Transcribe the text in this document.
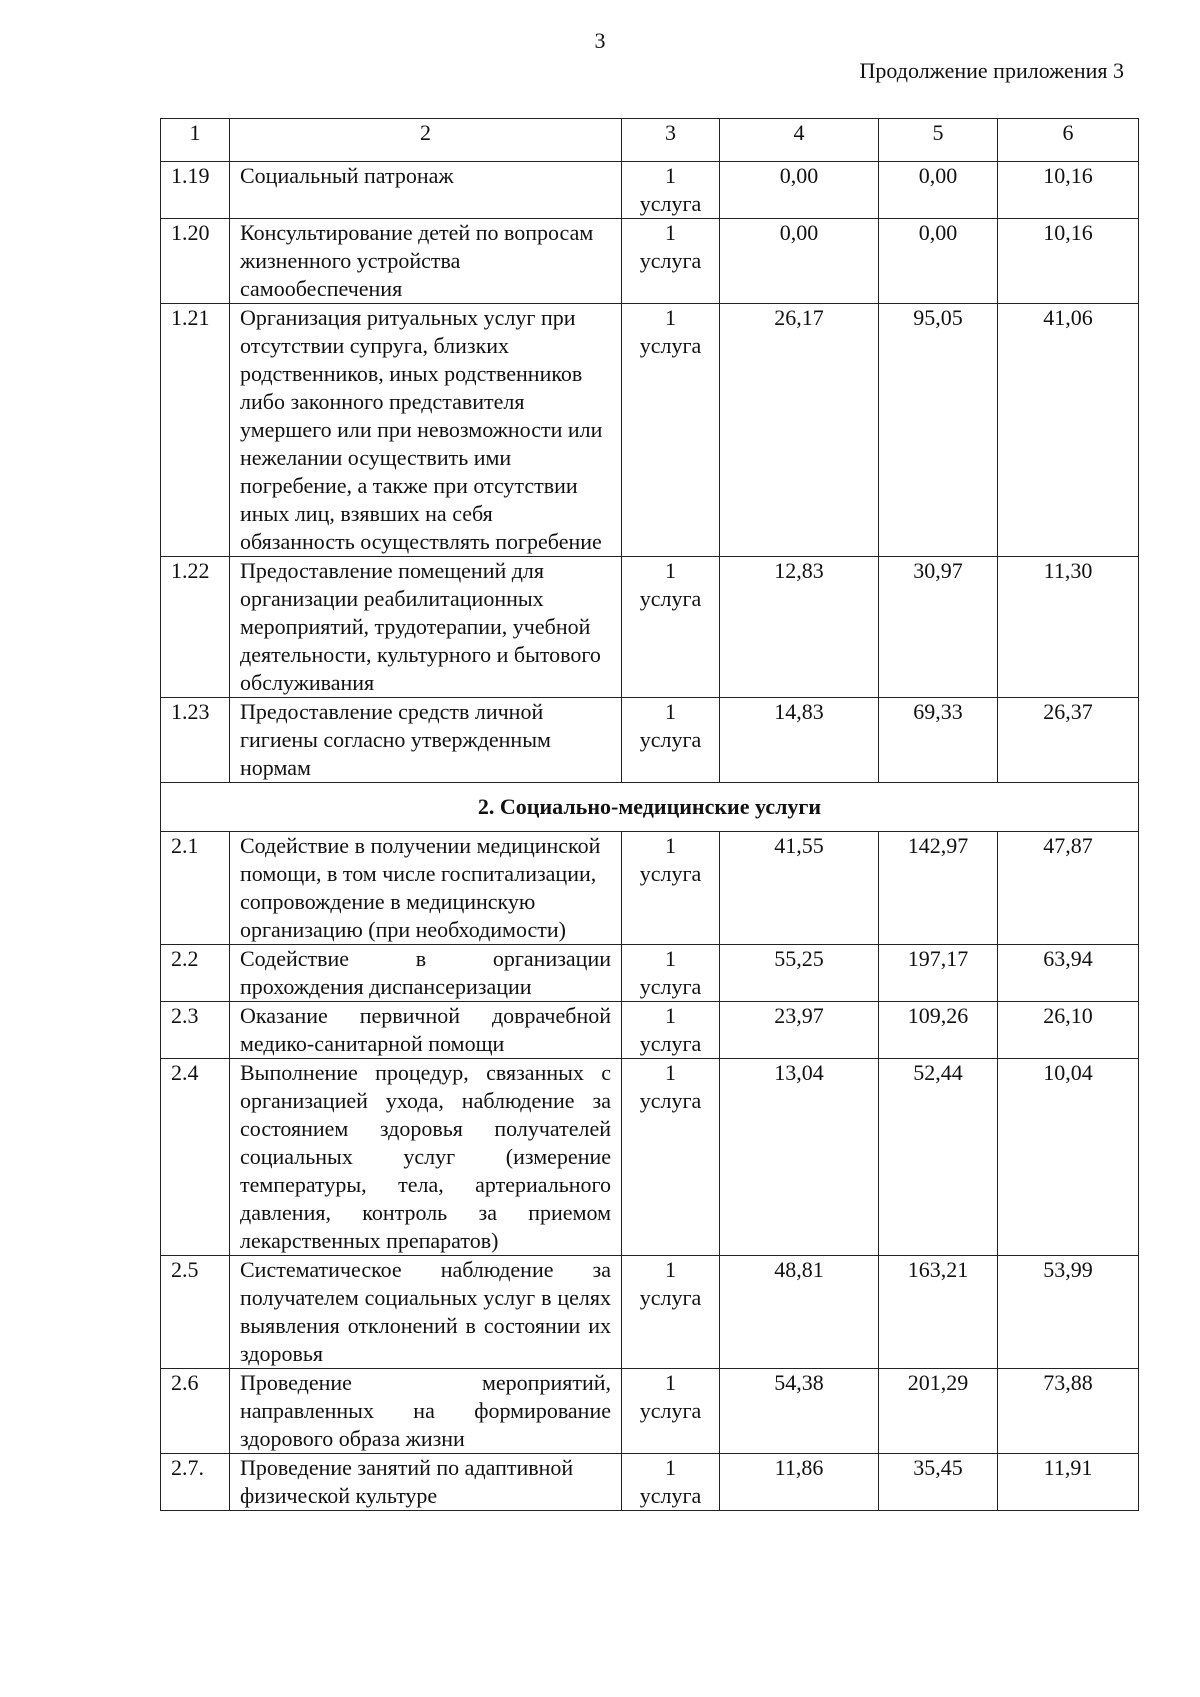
3
Продолжение приложения 3
1	2	3	4	5	6
1.19	Социальный патронаж	1 услуга	0,00	0,00	10,16
1.20	Консультирование детей по вопросам жизненного устройства самообеспечения	1 услуга	0,00	0,00	10,16
1.21	Организация ритуальных услуг при отсутствии супруга, близких родственников, иных родственников либо законного представителя умершего или при невозможности или нежелании осуществить ими погребение, а также при отсутствии иных лиц, взявших на себя обязанность осуществлять погребение	1 услуга	26,17	95,05	41,06
1.22	Предоставление помещений для организации реабилитационных мероприятий, трудотерапии, учебной деятельности, культурного и бытового обслуживания	1 услуга	12,83	30,97	11,30
1.23	Предоставление средств личной гигиены согласно утвержденным нормам	1 услуга	14,83	69,33	26,37
2. Социально-медицинские услуги					
2.1	Содействие в получении медицинской помощи, в том числе госпитализации, сопровождение в медицинскую организацию (при необходимости)	1 услуга	41,55	142,97	47,87
2.2	Содействие в организации прохождения диспансеризации	1 услуга	55,25	197,17	63,94
2.3	Оказание первичной доврачебной медико-санитарной помощи	1 услуга	23,97	109,26	26,10
2.4	Выполнение процедур, связанных с организацией ухода, наблюдение за состоянием здоровья получателей социальных услуг (измерение температуры, тела, артериального давления, контроль за приемом лекарственных препаратов)	1 услуга	13,04	52,44	10,04
2.5	Систематическое наблюдение за получателем социальных услуг в целях выявления отклонений в состоянии их здоровья	1 услуга	48,81	163,21	53,99
2.6	Проведение мероприятий, направленных на формирование здорового образа жизни	1 услуга	54,38	201,29	73,88
2.7.	Проведение занятий по адаптивной физической культуре	1 услуга	11,86	35,45	11,91
